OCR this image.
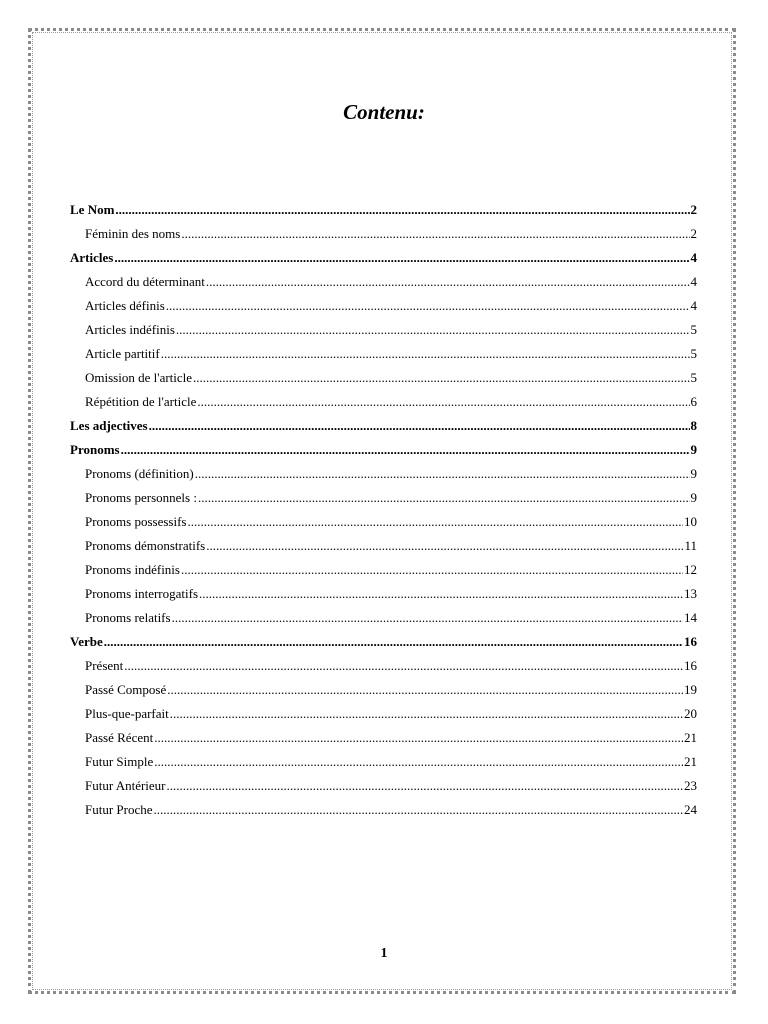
Contenu:
Le Nom .....	2
Féminin des noms .....	2
Articles .....	4
Accord du déterminant .....	4
Articles définis .....	4
Articles indéfinis .....	5
Article partitif .....	5
Omission de l'article .....	5
Répétition de l'article .....	6
Les adjectives .....	8
Pronoms .....	9
Pronoms (définition) .....	9
Pronoms personnels : .....	9
Pronoms possessifs .....	10
Pronoms démonstratifs .....	11
Pronoms indéfinis .....	12
Pronoms interrogatifs .....	13
Pronoms relatifs .....	14
Verbe .....	16
Présent .....	16
Passé Composé .....	19
Plus-que-parfait .....	20
Passé Récent .....	21
Futur Simple .....	21
Futur Antérieur .....	23
Futur Proche .....	24
1
